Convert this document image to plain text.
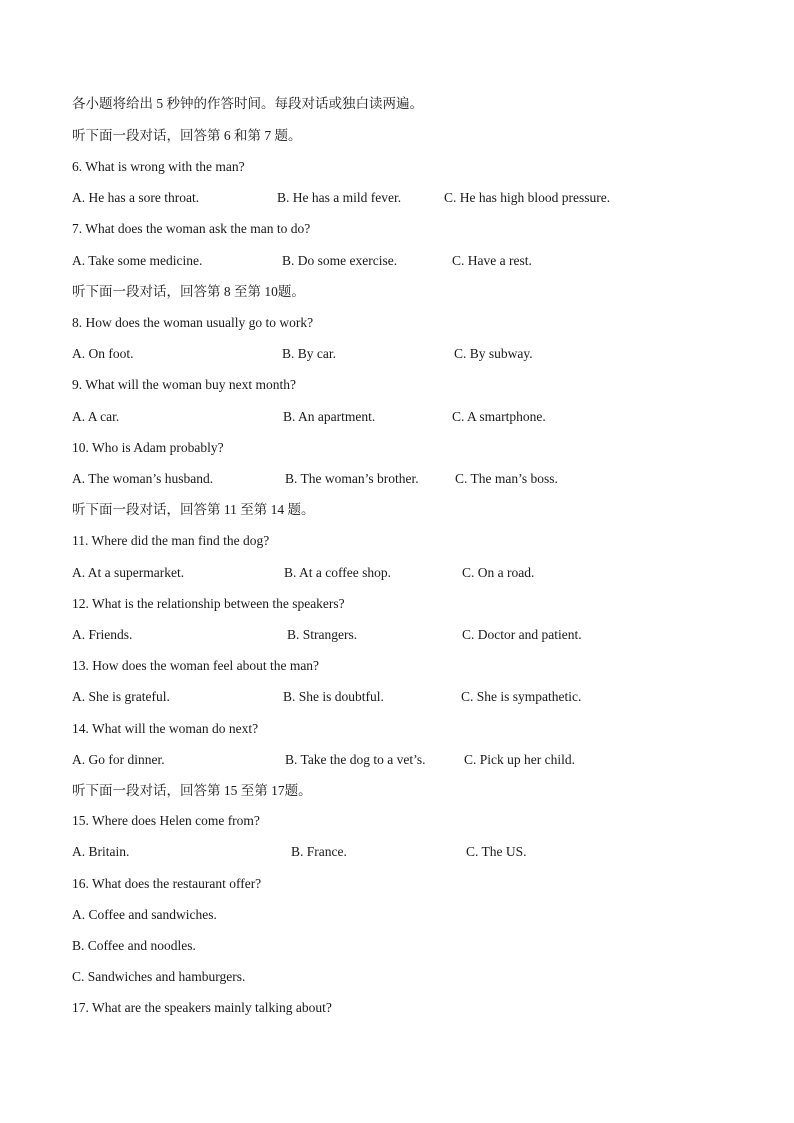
各小题将给出 5 秒钟的作答时间。每段对话或独白读两遍。
听下面一段对话，回答第 6 和第 7 题。
6. What is wrong with the man?
A. He has a sore throat.	B. He has a mild fever.	C. He has high blood pressure.
7. What does the woman ask the man to do?
A. Take some medicine.	B. Do some exercise.	C. Have a rest.
听下面一段对话，回答第 8 至第 10题。
8. How does the woman usually go to work?
A. On foot.	B. By car.	C. By subway.
9. What will the woman buy next month?
A. A car.	B. An apartment.	C. A smartphone.
10. Who is Adam probably?
A. The woman’s husband.	B. The woman’s brother.	C. The man’s boss.
听下面一段对话，回答第 11 至第 14 题。
11. Where did the man find the dog?
A. At a supermarket.	B. At a coffee shop.	C. On a road.
12. What is the relationship between the speakers?
A. Friends.	B. Strangers.	C. Doctor and patient.
13. How does the woman feel about the man?
A. She is grateful.	B. She is doubtful.	C. She is sympathetic.
14. What will the woman do next?
A. Go for dinner.	B. Take the dog to a vet’s.	C. Pick up her child.
听下面一段对话，回答第 15 至第 17题。
15. Where does Helen come from?
A. Britain.	B. France.	C. The US.
16. What does the restaurant offer?
A. Coffee and sandwiches.
B. Coffee and noodles.
C. Sandwiches and hamburgers.
17. What are the speakers mainly talking about?
